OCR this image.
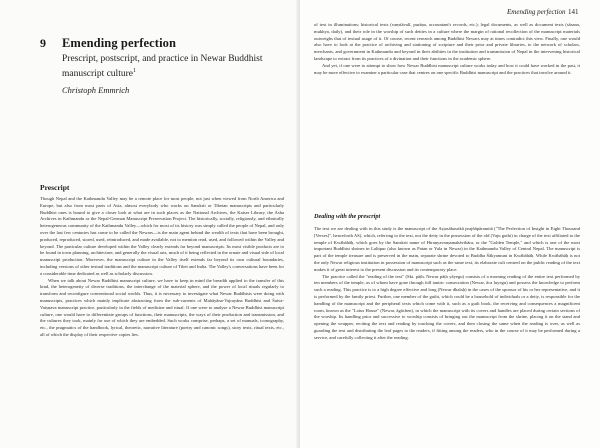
9 Emending perfection
Prescript, postscript, and practice in Newar Buddhist manuscript culture$^1$
Christoph Emmrich
Prescript

Though Nepal and the Kathmandu Valley may be a remote place for most people, not just when viewed from North America and Europe, but also from most parts of Asia, almost everybody who works on Sanskrit or Tibetan manuscripts and particularly Buddhist ones is bound to give a closer look at what are in such places as the National Archives, the Kaiser Library, the Asha Archives in Kathmandu or the Nepal-German Manuscript Preservation Project. The historically, socially, religiously, and ethnically heterogeneous community of the Kathmandu Valley—which for most of its history was simply called the people of Nepal, and only over the last few centuries has come to be called the Newars—is the main agent behind the wealth of texts that have been brought, produced, reproduced, stored, used, reintroduced, and made available, not to mention read, used, and followed within the Valley and beyond. The particular culture developed within the Valley clearly extends far beyond manuscripts. Its most visible products are to be found in town planning, architecture, and generally the visual arts, much of it being reflected in the ornate and visual side of local manuscript production. Moreover, the manuscript culture in the Valley itself extends far beyond its own cultural boundaries, including versions of other textual traditions and the manuscript culture of Tibet and India. The Valley's conversations have been for a considerable time dedicated as well as scholarly discussion.

When we talk about Newar Buddhist manuscript culture, we have to keep in mind the breadth applied to the transfer of this kind, the heterogeneity of diverse traditions, the interchange of the material sphere, and the power of local rituals regularly to transform and reconfigure conventional social worlds. Thus, it is necessary to investigate what Newar Buddhists were doing with manuscripts, practices which mainly implicate abstracting from the sub-currents of Mahāyāna-Vajrayāna Buddhist and Śaiva-Vaiṣṇava manuscript practice, particularly in the fields of medicine and ritual. If one were to analyse a Newar Buddhist manuscript culture, one would have to differentiate groups of functions, their manuscripts, the ways of their production and transmission, and the cultures they took, mainly for use of which they are embedded. Such works comprise, perhaps, a set of manuals, iconography, etc., the pragmatics of the handbook, lyrical, theoretic, narrative literature (poetry and canonic songs), story texts, ritual texts, etc., all of which the display of their respective copies lies.

Emending perfection 141

of text in illuminations; historical texts (vaṃśāvalī, purāṇa, accountant's records, etc.); legal documents, as well as document texts (sāsana, mukhya, daily), and their role in the worship of such deities in a culture where the margin of rational recollection of the manuscript materials outweighs that of textual usage of it. Of course, recent research among Buddhist Newars may at times contradict this view. Finally, one would also have to look at the practice of archiving and stationing of scripture and their prior and private libraries, to the network of scholars, merchants, and government in Kathmandu and beyond in their abilities in the institution and transmission of Nepal in the intervening historical landscape to extract from its practices of a divination and their functions in the academic sphere.

And yet, if one were to attempt to show how Newar Buddhist manuscript culture works today and how it could have worked in the past, it may be more effective to examine a particular case that centres on one specific Buddhist manuscript and the practices that involve around it.

Dealing with the prescript

The text we are dealing with in this study is the manuscript of the Aṣṭasāhasrikā prajñāpāramitā ("The Perfection of Insight in Eight Thousand [Verses]", henceforth AS), which, referring to the text, not the deity in the possession of the old (Vaju guthi) in charge of the text affiliated to the temple of Kwābāhāḥ, which goes by the Sanskrit name of Hiraṇyavarṇamahāvihāra, or the "Golden Temple," and which is one of the most important Buddhist shrines in Lalitpur (also known as Patan or Yala in Newar) in the Kathmandu Valley of Central Nepal. The manuscript is part of the temple treasure and is preserved in the main, separate shrine devoted to Buddha Śākyamuni in Kwābāhāḥ. While Kwābāhāḥ is not the only Newar religious institution in possession of manuscript such as the same text, its elaborate cult centred on the public reading of the text makes it of great interest to the present discussion and its contemporary place.

The practice called the "reading of the text" (Skt. pāṭh, Newar pāṭh yāyegu) consists of a morning reading of the entire text performed by ten members of the temple, as of whom have gone through full tantric consecration (Newar, āca luyegu) and possess the knowledge to perform such a reading. This practice is to a high degree effective and long (Newar dhalaḥ) in the cases of the sponsor of his or her representative, and it is performed by the family priest. Further, one member of the guthi, which could be a household of individuals or a deity, is responsible for the handling of the manuscript and the peripheral texts which come with it, such as a guilt book, the receiving and consequences a magnificent room, known as the "Lotus House" (Newar, āgāchen), in which the manuscript with its covers and handles are placed during certain sections of the worship. Its handling prior and successive to worship consists of bringing out the manuscript from the shrine, placing it on the stand and opening the wrapper, reciting the text and reading by touching the covers, and then closing the same when the reading is over, as well as guarding the text and distributing the leaf pages to the readers, if fitting among the readers, who in the course of it may be performed during a service, and carefully collecting it after the reading.
